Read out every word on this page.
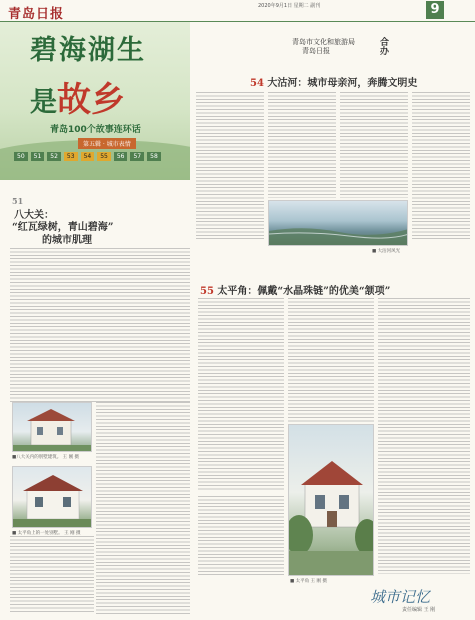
青岛日报
2020年9月1日 星期二 副刊	9
碧海湖生
是故乡
青岛100个故事连环话
第五辑 · 城市表情
50	51	52	53	54	55	56	57	58
青岛市文化和旅游局
青岛日报
合办
54 大沽河：城市母亲河，奔腾文明史
■ 大沽河风光
51
八大关：
“红瓦绿树，青山碧海”
的城市肌理
■八大关内的别墅建筑。 王 刚 摄
■ 太平角上的一处别墅。 王 刚 摄
55 太平角：佩戴“水晶珠链”的优美“颔项”
■ 太平角 王 刚 摄
城市记忆
责任编辑 王 刚
